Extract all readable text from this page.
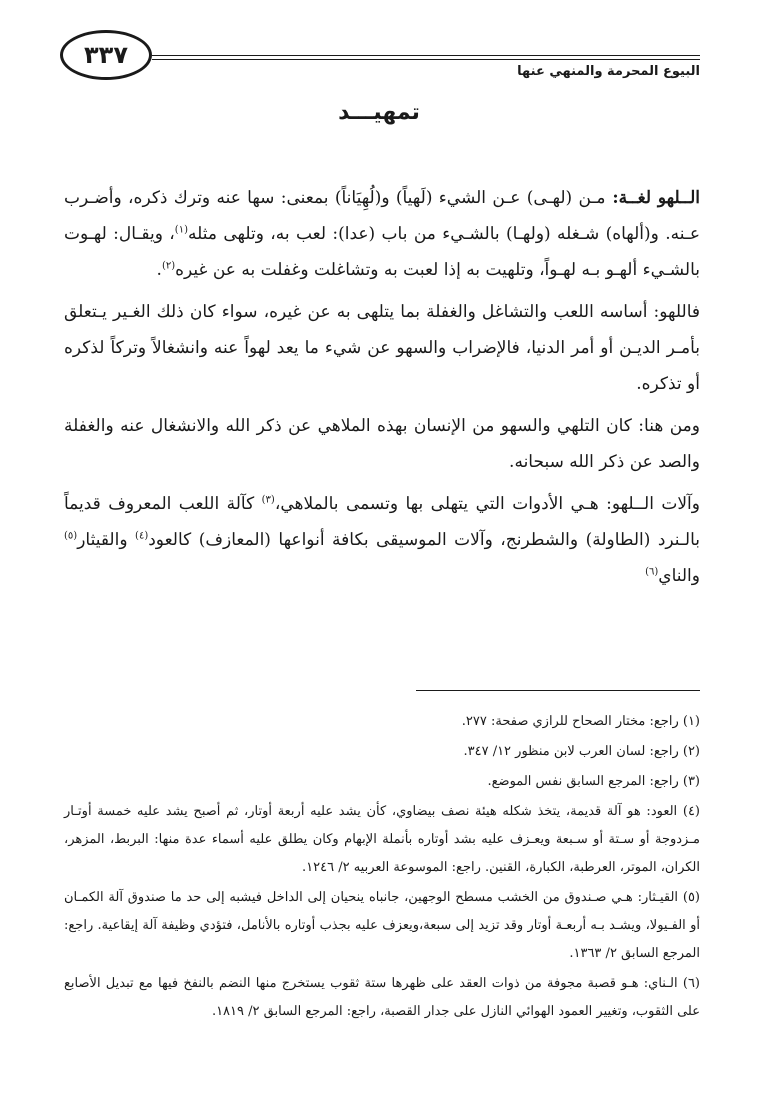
٣٣٧
البيوع المحرمة والمنهي عنها
تمهيـــد

الــلهو لغــة: مـن (لهـى) عـن الشيء (لَهياً) و(لُهِيَاناً) بمعنى: سها عنه وترك ذكره، وأضـرب عـنه. و(ألهاه) شـغله (ولهـا) بالشـيء من باب (عدا): لعب به، وتلهى مثله$^{(١)}$، ويقـال: لهـوت بالشـيء ألهـو بـه لهـواً، وتلهيت به إذا لعبت به وتشاغلت وغفلت به عن غيره$^{(٢)}$.

فاللهو: أساسه اللعب والتشاغل والغفلة بما يتلهى به عن غيره، سواء كان ذلك الغـير يـتعلق بأمـر الديـن أو أمر الدنيا، فالإضراب والسهو عن شيء ما يعد لهواً عنه وانشغالاً وتركاً لذكره أو تذكره.

ومن هنا: كان التلهي والسهو من الإنسان بهذه الملاهي عن ذكر الله والانشغال عنه والغفلة والصد عن ذكر الله سبحانه.

وآلات الــلهو: هـي الأدوات التي يتهلى بها وتسمى بالملاهي،$^{(٣)}$ كآلة اللعب المعروف قديماً بالـنرد (الطاولة) والشطرنج، وآلات الموسيقى بكافة أنواعها (المعازف) كالعود$^{(٤)}$ والقيثار$^{(٥)}$ والناي$^{(٦)}$

(١) راجع: مختار الصحاح للرازي صفحة: ٢٧٧.

(٢) راجع: لسان العرب لابن منظور ١٢/ ٣٤٧.

(٣) راجع: المرجع السابق نفس الموضع.

(٤) العود: هو آلة قديمة، يتخذ شكله هيئة نصف بيضاوي، كأن يشد عليه أربعة أوتار، ثم أصبح يشد عليه خمسة أوتـار مـزدوجة أو سـتة أو سـبعة ويعـزف عليه بشد أوتاره بأنملة الإبهام وكان يطلق عليه أسماء عدة منها: البربط، المزهر، الكران، الموتر، العرطبة، الكبارة، القنين. راجع: الموسوعة العربيه ٢/ ١٢٤٦.

(٥) القيـثار: هـي صـندوق من الخشب مسطح الوجهين، جانباه ينحيان إلى الداخل فيشبه إلى حد ما صندوق آلة الكمـان أو الفـيولا، ويشـد بـه أربعـة أوتار وقد تزيد إلى سبعة،ويعزف عليه بجذب أوتاره بالأنامل، فتؤدي وظيفة آلة إيقاعية. راجع: المرجع السابق ٢/ ١٣٦٣.

(٦) الـناي: هـو قصبة مجوفة من ذوات العقد على ظهرها ستة ثقوب يستخرج منها النضم بالنفخ فيها مع تبديل الأصابع على الثقوب، وتغيير العمود الهوائي النازل على جدار القصبة، راجع: المرجع السابق ٢/ ١٨١٩.
